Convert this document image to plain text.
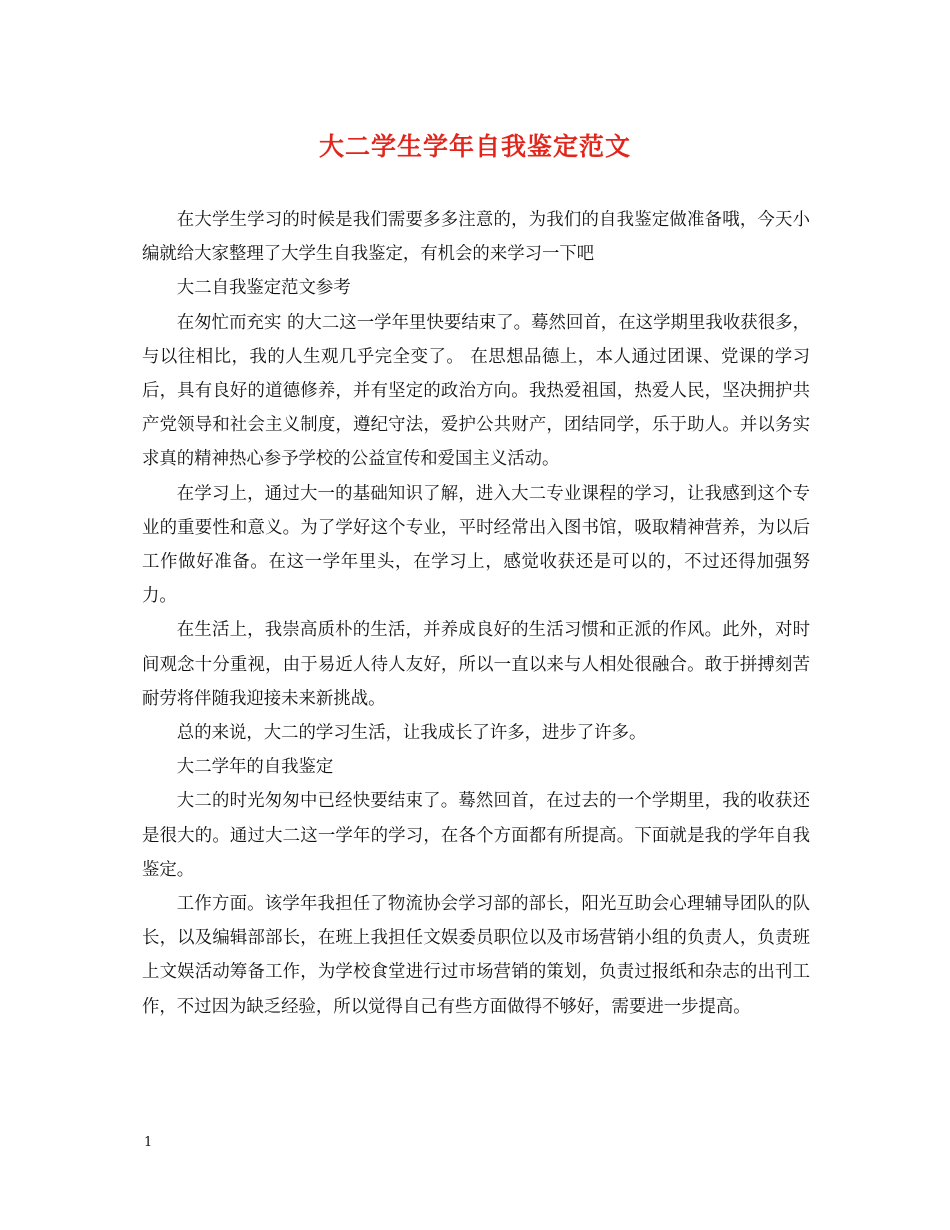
大二学生学年自我鉴定范文

在大学生学习的时候是我们需要多多注意的，为我们的自我鉴定做准备哦，今天小编就给大家整理了大学生自我鉴定，有机会的来学习一下吧

大二自我鉴定范文参考

在匆忙而充实 的大二这一学年里快要结束了。蓦然回首，在这学期里我收获很多，与以往相比，我的人生观几乎完全变了。 在思想品德上，本人通过团课、党课的学习后，具有良好的道德修养，并有坚定的政治方向。我热爱祖国，热爱人民，坚决拥护共产党领导和社会主义制度，遵纪守法，爱护公共财产，团结同学，乐于助人。并以务实求真的精神热心参予学校的公益宣传和爱国主义活动。

在学习上，通过大一的基础知识了解，进入大二专业课程的学习，让我感到这个专业的重要性和意义。为了学好这个专业，平时经常出入图书馆，吸取精神营养，为以后工作做好准备。在这一学年里头，在学习上，感觉收获还是可以的，不过还得加强努力。

在生活上，我崇高质朴的生活，并养成良好的生活习惯和正派的作风。此外，对时间观念十分重视，由于易近人待人友好，所以一直以来与人相处很融合。敢于拼搏刻苦耐劳将伴随我迎接未来新挑战。

总的来说，大二的学习生活，让我成长了许多，进步了许多。

大二学年的自我鉴定

大二的时光匆匆中已经快要结束了。蓦然回首，在过去的一个学期里，我的收获还是很大的。通过大二这一学年的学习，在各个方面都有所提高。下面就是我的学年自我鉴定。

工作方面。该学年我担任了物流协会学习部的部长，阳光互助会心理辅导团队的队长，以及编辑部部长，在班上我担任文娱委员职位以及市场营销小组的负责人，负责班上文娱活动筹备工作，为学校食堂进行过市场营销的策划，负责过报纸和杂志的出刊工作，不过因为缺乏经验，所以觉得自己有些方面做得不够好，需要进一步提高。

1
